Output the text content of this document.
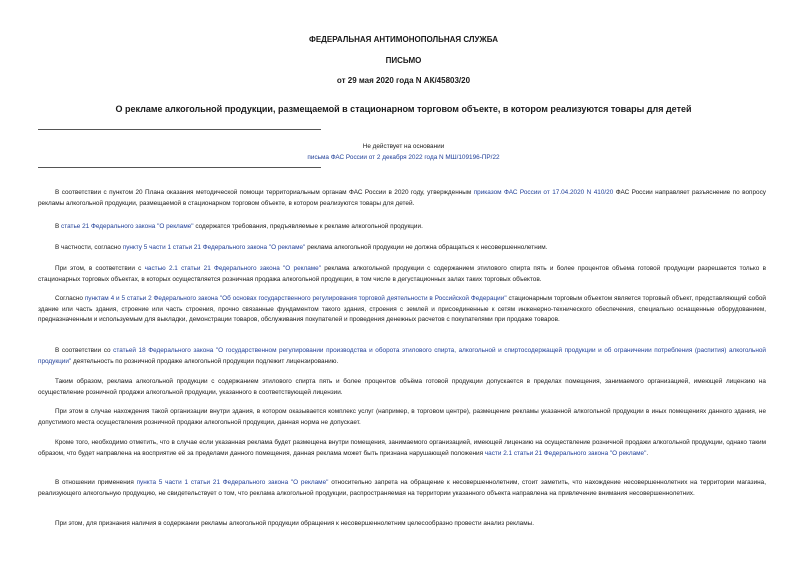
ФЕДЕРАЛЬНАЯ АНТИМОНОПОЛЬНАЯ СЛУЖБА
ПИСЬМО
от 29 мая 2020 года N АК/45803/20
О рекламе алкогольной продукции, размещаемой в стационарном торговом объекте, в котором реализуются товары для детей
Не действует на основании
письма ФАС России от 2 декабря 2022 года N МШ/109196-ПР/22

В соответствии с пунктом 20 Плана оказания методической помощи территориальным органам ФАС России в 2020 году, утвержденным приказом ФАС России от 17.04.2020 N 410/20 ФАС России направляет разъяснение по вопросу рекламы алкогольной продукции, размещаемой в стационарном торговом объекте, в котором реализуются товары для детей.

В статье 21 Федерального закона "О рекламе" содержатся требования, предъявляемые к рекламе алкогольной продукции.

В частности, согласно пункту 5 части 1 статьи 21 Федерального закона "О рекламе" реклама алкогольной продукции не должна обращаться к несовершеннолетним.

При этом, в соответствии с частью 2.1 статьи 21 Федерального закона "О рекламе" реклама алкогольной продукции с содержанием этилового спирта пять и более процентов объема готовой продукции разрешается только в стационарных торговых объектах, в которых осуществляется розничная продажа алкогольной продукции, в том числе в дегустационных залах таких торговых объектов.

Согласно пунктам 4 и 5 статьи 2 Федерального закона "Об основах государственного регулирования торговой деятельности в Российской Федерации" стационарным торговым объектом является торговый объект, представляющий собой здание или часть здания, строение или часть строения, прочно связанные фундаментом такого здания, строения с землей и присоединенные к сетям инженерно-технического обеспечения, специально оснащенные оборудованием, предназначенным и используемым для выкладки, демонстрации товаров, обслуживания покупателей и проведения денежных расчетов с покупателями при продаже товаров.

В соответствии со статьей 18 Федерального закона "О государственном регулировании производства и оборота этилового спирта, алкогольной и спиртосодержащей продукции и об ограничении потребления (распития) алкогольной продукции" деятельность по розничной продаже алкогольной продукции подлежит лицензированию.

Таким образом, реклама алкогольной продукции с содержанием этилового спирта пять и более процентов объёма готовой продукции допускается в пределах помещения, занимаемого организацией, имеющей лицензию на осуществление розничной продажи алкогольной продукции, указанного в соответствующей лицензии.

При этом в случае нахождения такой организации внутри здания, в котором оказывается комплекс услуг (например, в торговом центре), размещение рекламы указанной алкогольной продукции в иных помещениях данного здания, не допустимого места осуществления розничной продажи алкогольной продукции, данная норма не допускает.

Кроме того, необходимо отметить, что в случае если указанная реклама будет размещена внутри помещения, занимаемого организацией, имеющей лицензию на осуществление розничной продажи алкогольной продукции, однако таким образом, что будет направлена на восприятие её за пределами данного помещения, данная реклама может быть признана нарушающей положения части 2.1 статьи 21 Федерального закона "О рекламе".

В отношении применения пункта 5 части 1 статьи 21 Федерального закона "О рекламе" относительно запрета на обращение к несовершеннолетним, стоит заметить, что нахождение несовершеннолетних на территории магазина, реализующего алкогольную продукцию, не свидетельствует о том, что реклама алкогольной продукции, распространяемая на территории указанного объекта направлена на привлечение внимания несовершеннолетних.

При этом, для признания наличия в содержании рекламы алкогольной продукции обращения к несовершеннолетним целесообразно провести анализ рекламы.
